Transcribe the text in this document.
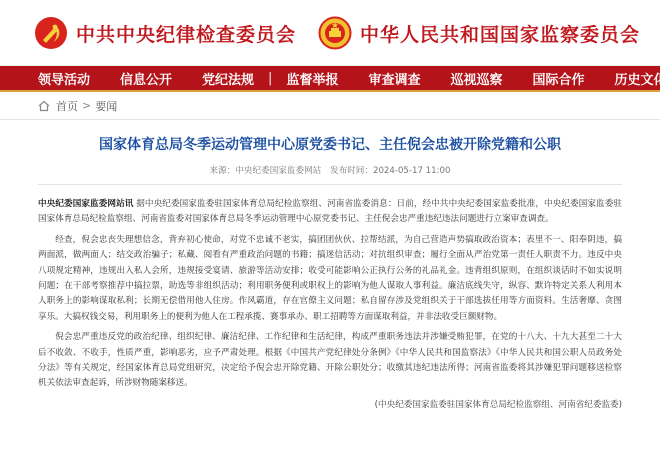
中共中央纪律检查委员会	中华人民共和国国家监察委员会
领导活动 信息公开 党纪法规 | 监督举报 审查调查 巡视巡察 国际合作 历史文化
首页 > 要闻
国家体育总局冬季运动管理中心原党委书记、主任倪会忠被开除党籍和公职
来源：中央纪委国家监委网站 发布时间：2024-05-17 11:00

中央纪委国家监委网站讯 据中央纪委国家监委驻国家体育总局纪检监察组、河南省监委消息：日前，经中共中央纪委国家监委批准，中央纪委国家监委驻国家体育总局纪检监察组、河南省监委对国家体育总局冬季运动管理中心原党委书记、主任倪会忠严重违纪违法问题进行立案审查调查。

经查，倪会忠丧失理想信念，背弃初心使命，对党不忠诚不老实，搞团团伙伙、拉帮结派，为自己营造声势搞取政治资本；表里不一、阳奉阴违，搞两面派，做两面人；结交政治骗子；私藏、阅看有严重政治问题的书籍；搞迷信活动；对抗组织审查；履行全面从严治党第一责任人职责不力。违反中央八项规定精神，违规出入私人会所，违规接受宴请、旅游等活动安排；收受可能影响公正执行公务的礼品礼金。违背组织原则，在组织谈话时不如实说明问题；在干部考察推荐中搞拉票，助选等非组织活动；利用职务便利或职权上的影响为他人谋取人事利益。廉洁底线失守，纵容、默许特定关系人利用本人职务上的影响谋取私利；长期无偿借用他人住房。作风霸道，存在官僚主义问题；私自留存涉及党组织关于干部选拔任用等方面资料。生活奢靡、贪图享乐。大搞权钱交易，利用职务上的便利为他人在工程承揽、赛事承办、职工招聘等方面谋取利益，并非法收受巨额财物。

倪会忠严重违反党的政治纪律、组织纪律、廉洁纪律、工作纪律和生活纪律，构成严重职务违法并涉嫌受贿犯罪，在党的十八大、十九大甚至二十大后不收敛、不收手，性质严重，影响恶劣，应予严肃处理。根据《中国共产党纪律处分条例》《中华人民共和国监察法》《中华人民共和国公职人员政务处分法》等有关规定，经国家体育总局党组研究，决定给予倪会忠开除党籍、开除公职处分；收缴其违纪违法所得；河南省监委将其涉嫌犯罪问题移送检察机关依法审查起诉，所涉财物随案移送。

(中央纪委国家监委驻国家体育总局纪检监察组、河南省纪委监委)
